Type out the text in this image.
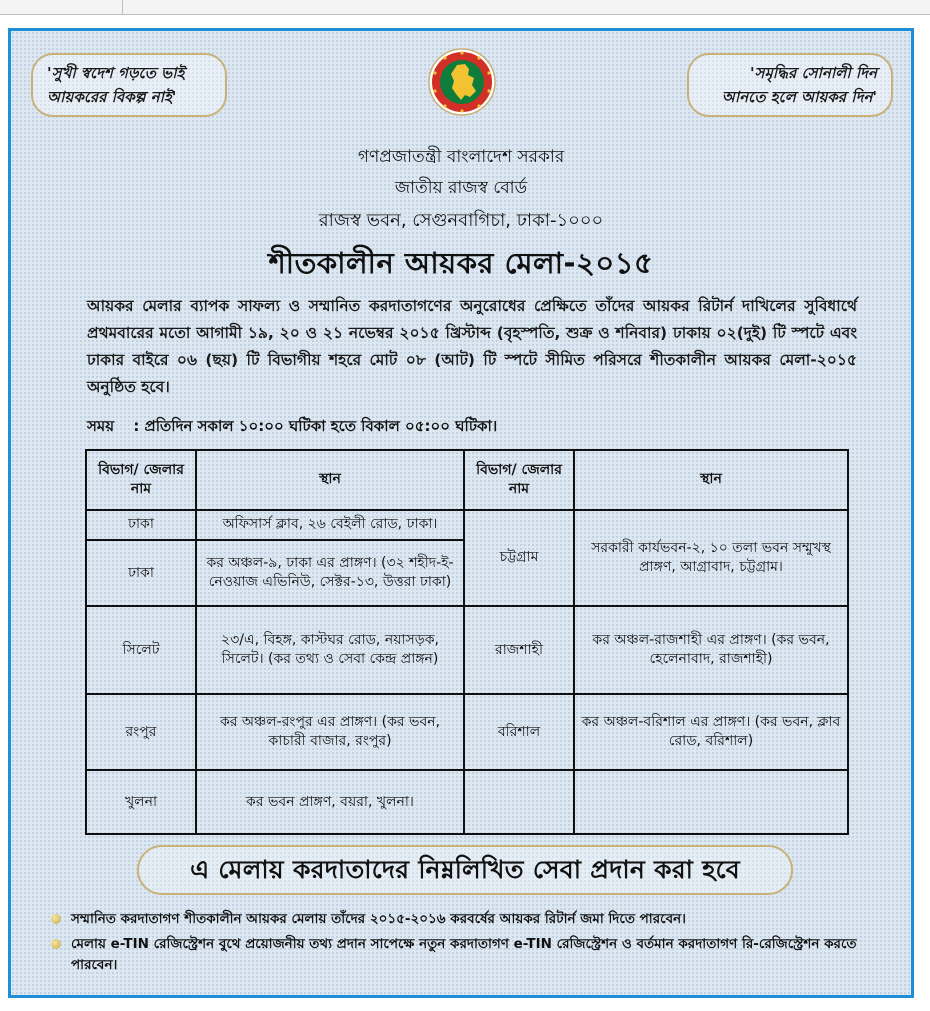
'সুখী স্বদেশ গড়তে ভাই
আয়করের বিকল্প নাই'
'সমৃদ্ধির সোনালী দিন
আনতে হলে আয়কর দিন'
গণপ্রজাতন্ত্রী বাংলাদেশ সরকার
জাতীয় রাজস্ব বোর্ড
রাজস্ব ভবন, সেগুনবাগিচা, ঢাকা-১০০০
শীতকালীন আয়কর মেলা-২০১৫
আয়কর মেলার ব্যাপক সাফল্য ও সম্মানিত করদাতাগণের অনুরোধের প্রেক্ষিতে তাঁদের আয়কর রিটার্ন দাখিলের সুবিধার্থে প্রথমবারের মতো আগামী ১৯, ২০ ও ২১ নভেম্বর ২০১৫ খ্রিস্টাব্দ (বৃহস্পতি, শুক্র ও শনিবার) ঢাকায় ০২(দুই) টি স্পটে এবং ঢাকার বাইরে ০৬ (ছয়) টি বিভাগীয় শহরে মোট ০৮ (আট) টি স্পটে সীমিত পরিসরে শীতকালীন আয়কর মেলা-২০১৫ অনুষ্ঠিত হবে।
সময় : প্রতিদিন সকাল ১০:০০ ঘটিকা হতে বিকাল ০৫:০০ ঘটিকা।
বিভাগ/ জেলার নাম	স্থান	বিভাগ/ জেলার নাম	স্থান
ঢাকা	অফিসার্স ক্লাব, ২৬ বেইলী রোড, ঢাকা।	চট্টগ্রাম	সরকারী কার্যভবন-২, ১০ তলা ভবন সম্মুখস্থ প্রাঙ্গণ, আগ্রাবাদ, চট্টগ্রাম।
ঢাকা	কর অঞ্চল-৯, ঢাকা এর প্রাঙ্গণ। (৩২ শহীদ-ই-নেওয়াজ এভিনিউ, সেক্টর-১৩, উত্তরা ঢাকা)		
সিলেট	২৩/এ, বিহঙ্গ, কাস্টঘর রোড, নয়াসড়ক, সিলেট। (কর তথ্য ও সেবা কেন্দ্র প্রাঙ্গন)	রাজশাহী	কর অঞ্চল-রাজশাহী এর প্রাঙ্গণ। (কর ভবন, হেলেনাবাদ, রাজশাহী)
রংপুর	কর অঞ্চল-রংপুর এর প্রাঙ্গণ। (কর ভবন, কাচারী বাজার, রংপুর)	বরিশাল	কর অঞ্চল-বরিশাল এর প্রাঙ্গণ। (কর ভবন, ক্লাব রোড, বরিশাল)
খুলনা	কর ভবন প্রাঙ্গণ, বয়রা, খুলনা।		
এ মেলায় করদাতাদের নিম্নলিখিত সেবা প্রদান করা হবে
সম্মানিত করদাতাগণ শীতকালীন আয়কর মেলায় তাঁদের ২০১৫-২০১৬ করবর্ষের আয়কর রিটার্ন জমা দিতে পারবেন।
মেলায় e-TIN রেজিস্ট্রেশন বুথে প্রয়োজনীয় তথ্য প্রদান সাপেক্ষে নতুন করদাতাগণ e-TIN রেজিস্ট্রেশন ও বর্তমান করদাতাগণ রি-রেজিস্ট্রেশন করতে পারবেন।
